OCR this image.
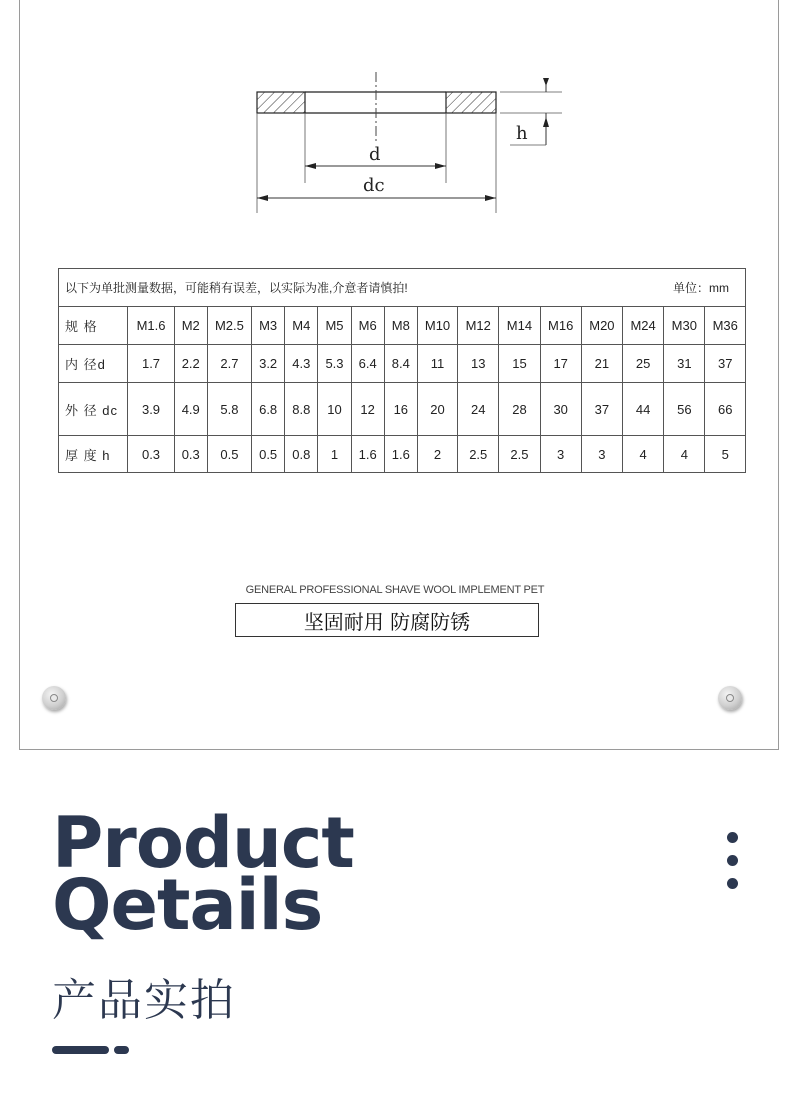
h
d
dc
以下为单批测量数据，可能稍有误差，以实际为准,介意者请慎拍! 单位：mm																

规 格	M1.6	M2	M2.5	M3	M4	M5	M6	M8	M10	M12	M14	M16	M20	M24	M30	M36
内 径d	1.7	2.2	2.7	3.2	4.3	5.3	6.4	8.4	11	13	15	17	21	25	31	37
外 径 dc	3.9	4.9	5.8	6.8	8.8	10	12	16	20	24	28	30	37	44	56	66
厚 度 h	0.3	0.3	0.5	0.5	0.8	1	1.6	1.6	2	2.5	2.5	3	3	4	4	5
GENERAL PROFESSIONAL SHAVE WOOL IMPLEMENT PET
坚固耐用 防腐防锈
Product
Qetails
产品实拍
